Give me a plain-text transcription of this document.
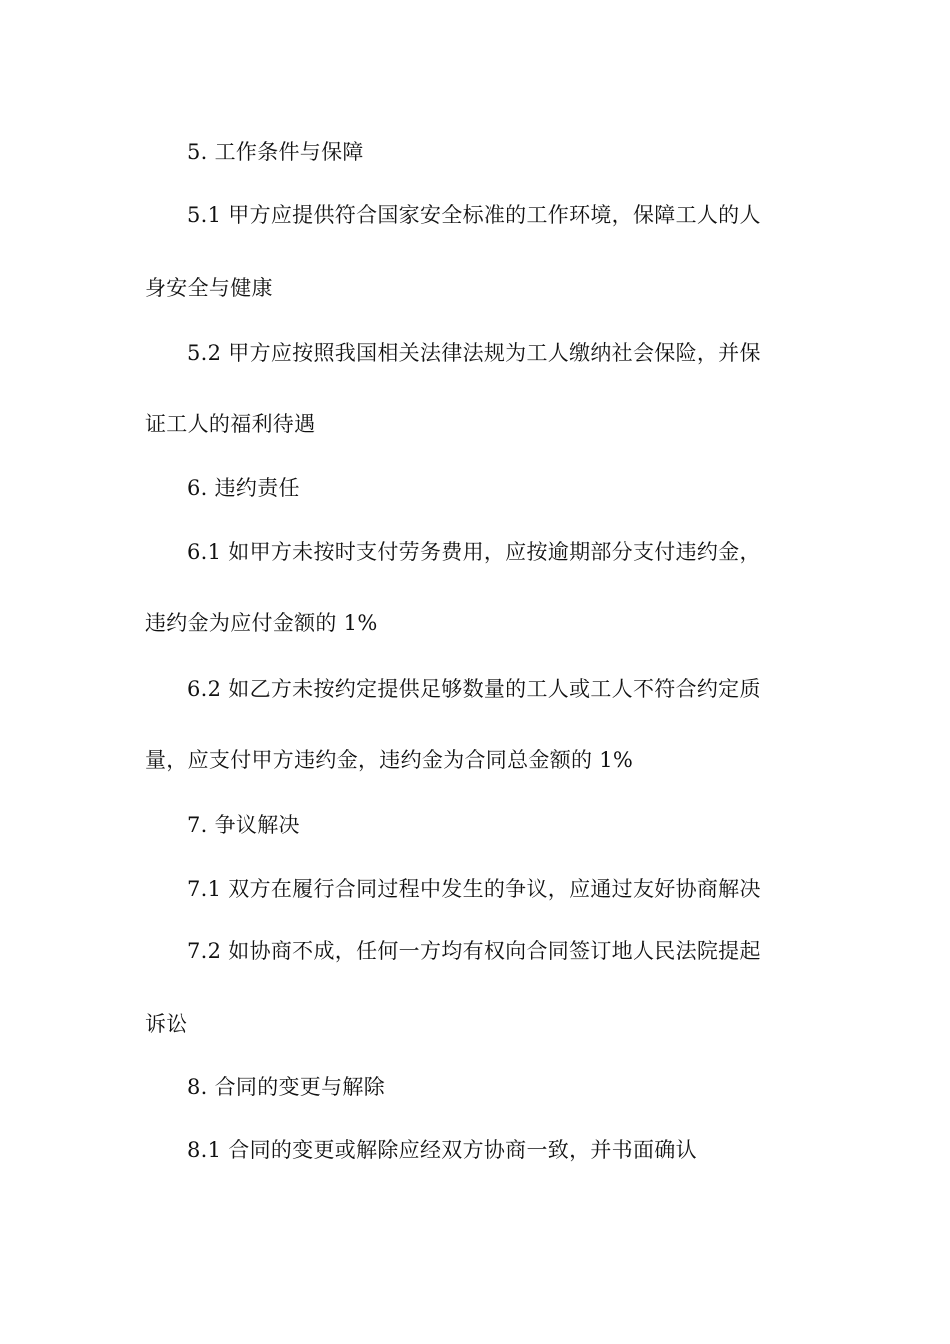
5. 工作条件与保障
5.1 甲方应提供符合国家安全标准的工作环境，保障工人的人
身安全与健康
5.2 甲方应按照我国相关法律法规为工人缴纳社会保险，并保
证工人的福利待遇
6. 违约责任
6.1 如甲方未按时支付劳务费用，应按逾期部分支付违约金，
违约金为应付金额的 1%
6.2 如乙方未按约定提供足够数量的工人或工人不符合约定质
量，应支付甲方违约金，违约金为合同总金额的 1%
7. 争议解决
7.1 双方在履行合同过程中发生的争议，应通过友好协商解决
7.2 如协商不成，任何一方均有权向合同签订地人民法院提起
诉讼
8. 合同的变更与解除
8.1 合同的变更或解除应经双方协商一致，并书面确认
